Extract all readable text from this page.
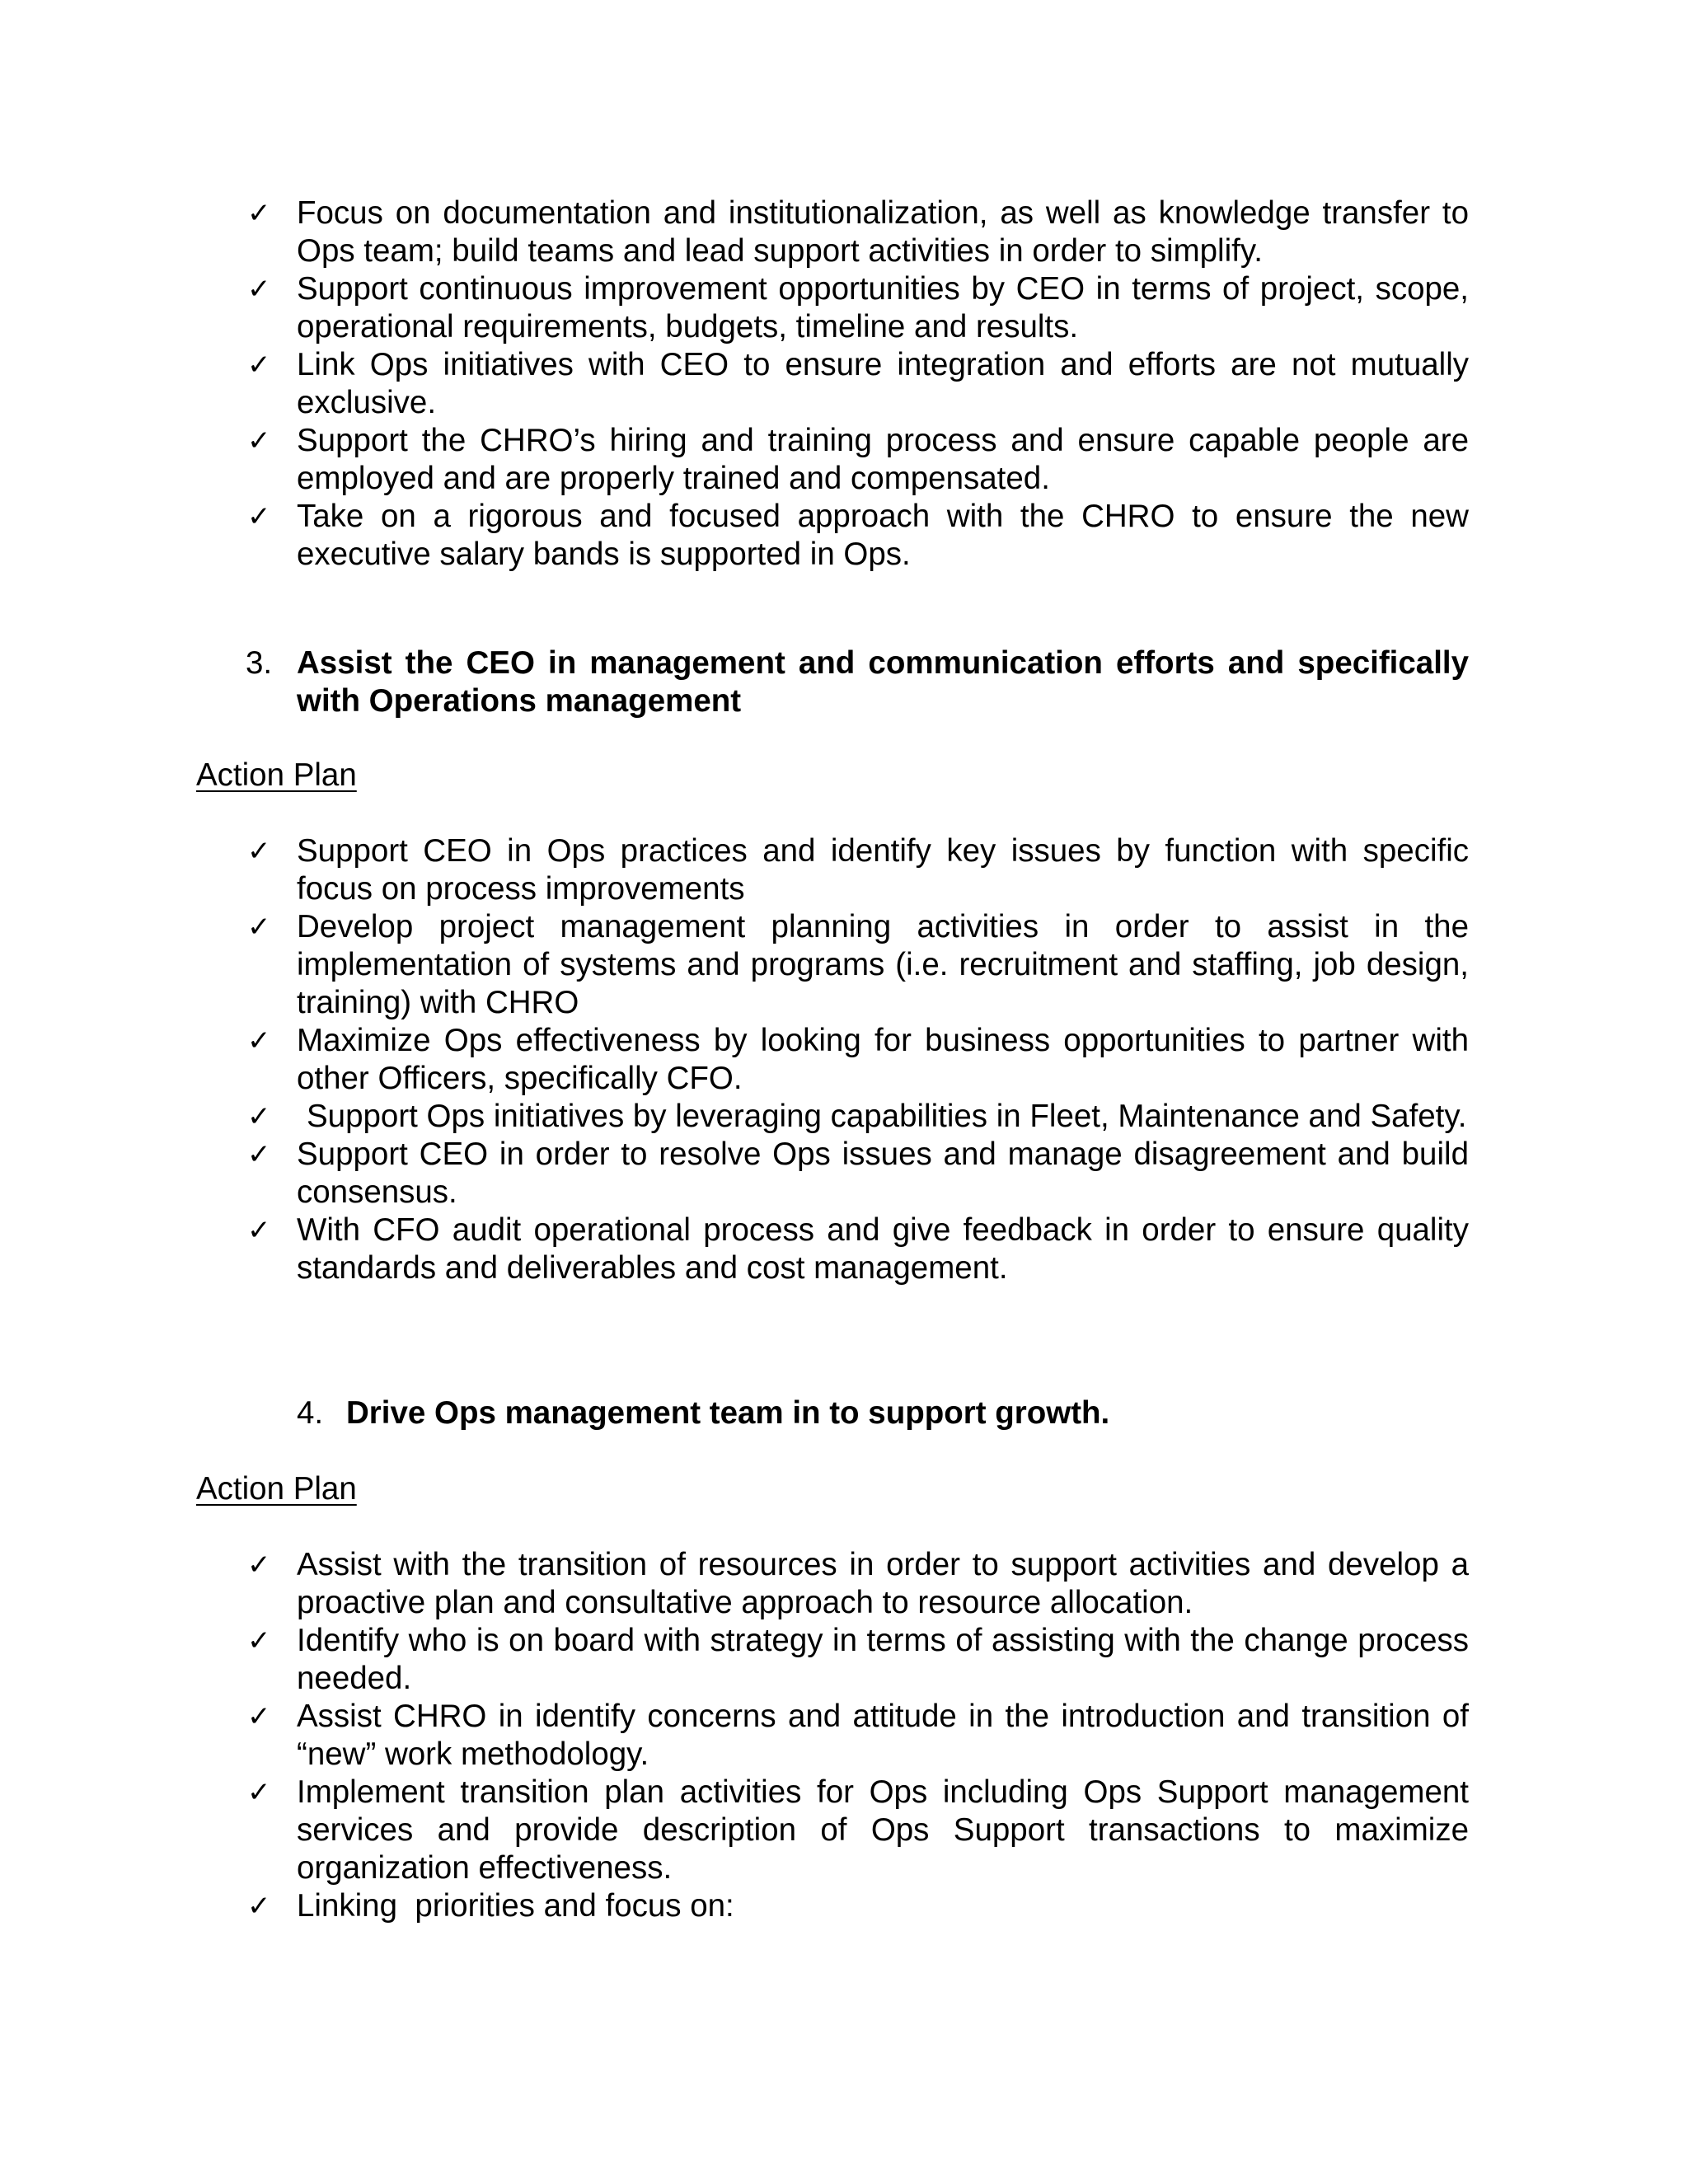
✓ Focus on documentation and institutionalization, as well as knowledge transfer to Ops team; build teams and lead support activities in order to simplify.
✓ Support continuous improvement opportunities by CEO in terms of project, scope, operational requirements, budgets, timeline and results.
✓ Link Ops initiatives with CEO to ensure integration and efforts are not mutually exclusive.
✓ Support the CHRO’s hiring and training process and ensure capable people are employed and are properly trained and compensated.
✓ Take on a rigorous and focused approach with the CHRO to ensure the new executive salary bands is supported in Ops.
3. Assist the CEO in management and communication efforts and specifically with Operations management
Action Plan
✓ Support CEO in Ops practices and identify key issues by function with specific focus on process improvements
✓ Develop project management planning activities in order to assist in the implementation of systems and programs (i.e. recruitment and staffing, job design, training) with CHRO
✓ Maximize Ops effectiveness by looking for business opportunities to partner with other Officers, specifically CFO.
✓	Support Ops initiatives by leveraging capabilities in Fleet, Maintenance and Safety.
✓ Support CEO in order to resolve Ops issues and manage disagreement and build consensus.
✓ With CFO audit operational process and give feedback in order to ensure quality standards and deliverables and cost management.
4. Drive Ops management team in to support growth.
Action Plan
✓ Assist with the transition of resources in order to support activities and develop a proactive plan and consultative approach to resource allocation.
✓ Identify who is on board with strategy in terms of assisting with the change process needed.
✓ Assist CHRO in identify concerns and attitude in the introduction and transition of “new” work methodology.
✓ Implement transition plan activities for Ops including Ops Support management services and provide description of Ops Support transactions to maximize organization effectiveness.
✓ Linking  priorities and focus on:
